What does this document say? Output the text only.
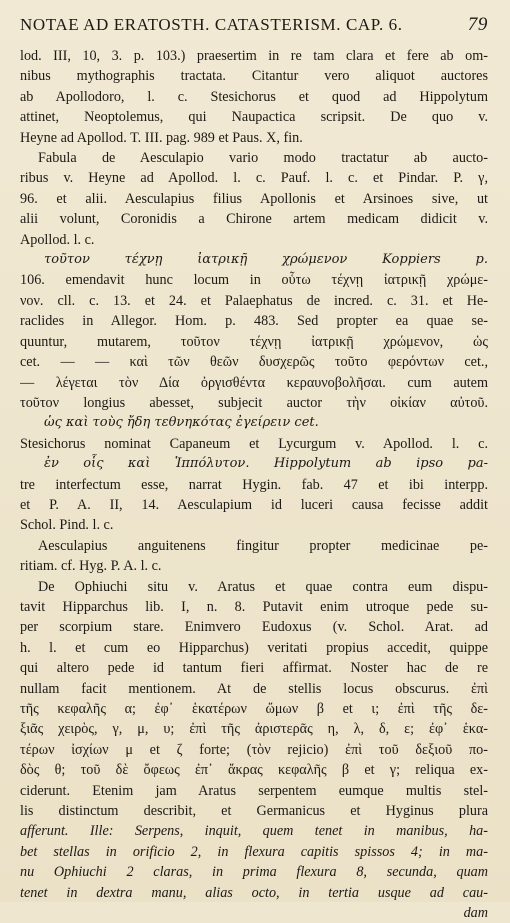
NOTAE AD ERATOSTH. CATASTERISM. CAP. 6.	79
lod. III, 10, 3. p. 103.) praesertim in re tam clara et fere ab om-
nibus mythographis tractata. Citantur vero aliquot auctores
ab Apollodoro, l. c. Stesichorus et quod ad Hippolytum
attinet, Neoptolemus, qui Naupactica scripsit. De quo v.
Heyne ad Apollod. T. III. pag. 989 et Paus. X, fin.
Fabula de Aesculapio vario modo tractatur ab aucto-
ribus v. Heyne ad Apollod. l. c. Pauf. l. c. et Pindar. P. γ,
96. et alii. Aesculapius filius Apollonis et Arsinoes sive, ut
alii volunt, Coronidis a Chirone artem medicam didicit v.
Apollod. l. c.
τοῦτον τέχνῃ ἰατρικῇ χρώμενον Koppiers p.
106. emendavit hunc locum in οὗτω τέχνῃ ἰατρικῇ χρώμε-
νον. cll. c. 13. et 24. et Palaephatus de incred. c. 31. et He-
raclides in Allegor. Hom. p. 483. Sed propter ea quae se-
quuntur, mutarem, τοῦτον τέχνῃ ἰατρικῇ χρώμενον, ὡς
cet. — — καὶ τῶν θεῶν δυσχερῶς τοῦτο φερόντων cet.,
— λέγεται τὸν Δία ὀργισθέντα κεραυνοβολῆσαι. cum autem
τοῦτον longius abesset, subjecit auctor τὴν οἰκίαν αὐτοῦ.
ὡς καὶ τοὺς ἤδη τεθνηκότας ἐγείρειν cet.
Stesichorus nominat Capaneum et Lycurgum v. Apollod. l. c.
ἐν οἷς καὶ Ἱππόλυτον. Hippolytum ab ipso pa-
tre interfectum esse, narrat Hygin. fab. 47 et ibi interpp.
et P. A. II, 14. Aesculapium id luceri causa fecisse addit
Schol. Pind. l. c.
Aesculapius anguitenens fingitur propter medicinae pe-
ritiam. cf. Hyg. P. A. l. c.
De Ophiuchi situ v. Aratus et quae contra eum dispu-
tavit Hipparchus lib. I, n. 8. Putavit enim utroque pede su-
per scorpium stare. Enimvero Eudoxus (v. Schol. Arat. ad
h. l. et cum eo Hipparchus) veritati propius accedit, quippe
qui altero pede id tantum fieri affirmat. Noster hac de re
nullam facit mentionem. At de stellis locus obscurus. ἐπὶ
τῆς κεφαλῆς α; ἐφ᾽ ἑκατέρων ὤμων β et ι; ἐπὶ τῆς δε-
ξιᾶς χειρὸς, γ, μ, υ; ἐπὶ τῆς ἀριστερᾶς η, λ, δ, ε; ἐφ᾽ ἑκα-
τέρων ἰσχίων μ et ζ forte; (τὸν rejicio) ἐπὶ τοῦ δεξιοῦ πο-
δὸς θ; τοῦ δὲ ὄφεως ἐπ᾽ ἄκρας κεφαλῆς β et γ; reliqua ex-
ciderunt. Etenim jam Aratus serpentem eumque multis stel-
lis distinctum describit, et Germanicus et Hyginus plura
afferunt. Ille: Serpens, inquit, quem tenet in manibus, ha-
bet stellas in orificio 2, in flexura capitis spissos 4; in ma-
nu Ophiuchi 2 claras, in prima flexura 8, secunda, quam
tenet in dextra manu, alias octo, in tertia usque ad cau-
dam
